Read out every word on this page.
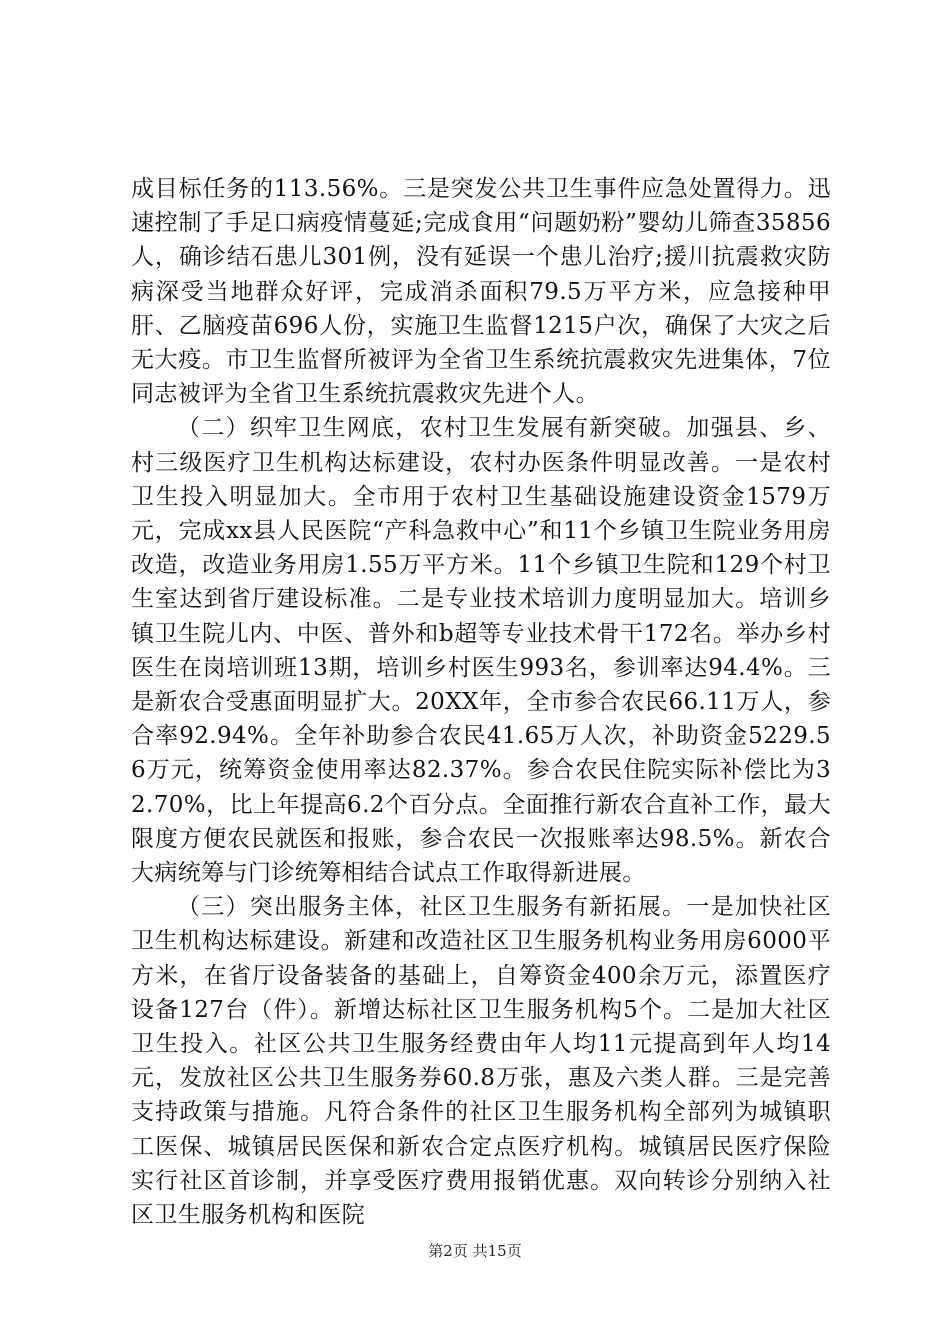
成目标任务的113.56%。三是突发公共卫生事件应急处置得力。迅速控制了手足口病疫情蔓延;完成食用“问题奶粉”婴幼儿筛查35856人，确诊结石患儿301例，没有延误一个患儿治疗;援川抗震救灾防病深受当地群众好评，完成消杀面积79.5万平方米，应急接种甲肝、乙脑疫苗696人份，实施卫生监督1215户次，确保了大灾之后无大疫。市卫生监督所被评为全省卫生系统抗震救灾先进集体，7位同志被评为全省卫生系统抗震救灾先进个人。

（二）织牢卫生网底，农村卫生发展有新突破。加强县、乡、村三级医疗卫生机构达标建设，农村办医条件明显改善。一是农村卫生投入明显加大。全市用于农村卫生基础设施建设资金1579万元，完成xx县人民医院“产科急救中心”和11个乡镇卫生院业务用房改造，改造业务用房1.55万平方米。11个乡镇卫生院和129个村卫生室达到省厅建设标准。二是专业技术培训力度明显加大。培训乡镇卫生院儿内、中医、普外和b超等专业技术骨干172名。举办乡村医生在岗培训班13期，培训乡村医生993名，参训率达94.4%。三是新农合受惠面明显扩大。20XX年，全市参合农民66.11万人，参合率92.94%。全年补助参合农民41.65万人次，补助资金5229.56万元，统筹资金使用率达82.37%。参合农民住院实际补偿比为32.70%，比上年提高6.2个百分点。全面推行新农合直补工作，最大限度方便农民就医和报账，参合农民一次报账率达98.5%。新农合大病统筹与门诊统筹相结合试点工作取得新进展。

（三）突出服务主体，社区卫生服务有新拓展。一是加快社区卫生机构达标建设。新建和改造社区卫生服务机构业务用房6000平方米，在省厅设备装备的基础上，自筹资金400余万元，添置医疗设备127台（件）。新增达标社区卫生服务机构5个。二是加大社区卫生投入。社区公共卫生服务经费由年人均11元提高到年人均14元，发放社区公共卫生服务券60.8万张，惠及六类人群。三是完善支持政策与措施。凡符合条件的社区卫生服务机构全部列为城镇职工医保、城镇居民医保和新农合定点医疗机构。城镇居民医疗保险实行社区首诊制，并享受医疗费用报销优惠。双向转诊分别纳入社区卫生服务机构和医院

第2页 共15页
